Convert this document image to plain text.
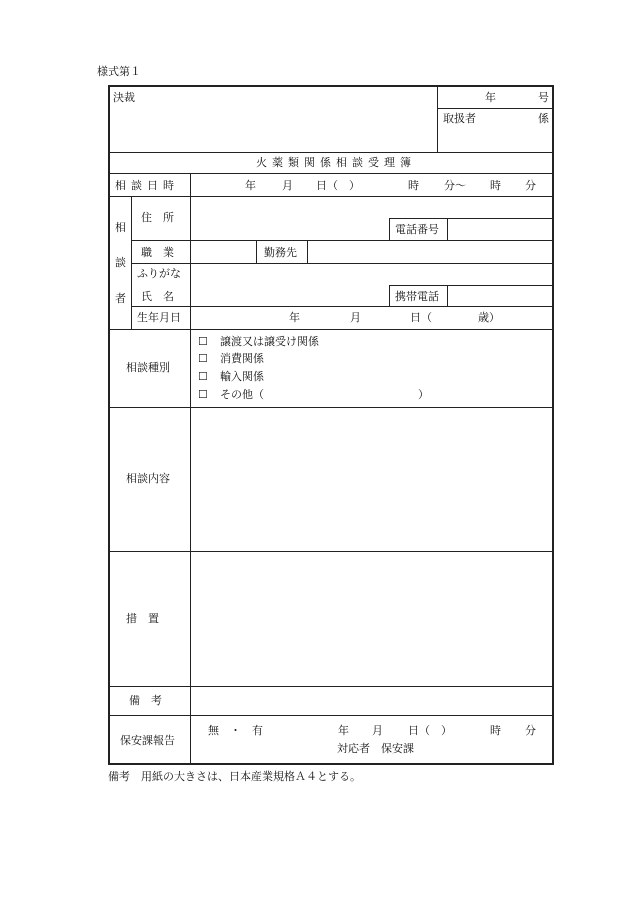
様式第１
決裁	年	号
取扱者	係
火薬類関係相談受理簿
相談日時	年 月 日（　）	時 分～ 時 分
相
談
者
住　所
電話番号
職　業	勤務先
ふりがな
氏　名	携帯電話
生年月日	年	月	日（	歳）
相談種別
☐ 譲渡又は譲受け関係
☐ 消費関係
☐ 輸入関係
☐ その他（	）
相談内容
措　置
備　考
保安課報告
無　・　有	年 月 日（　）	時 分
対応者　保安課
備考　用紙の大きさは、日本産業規格Ａ４とする。
